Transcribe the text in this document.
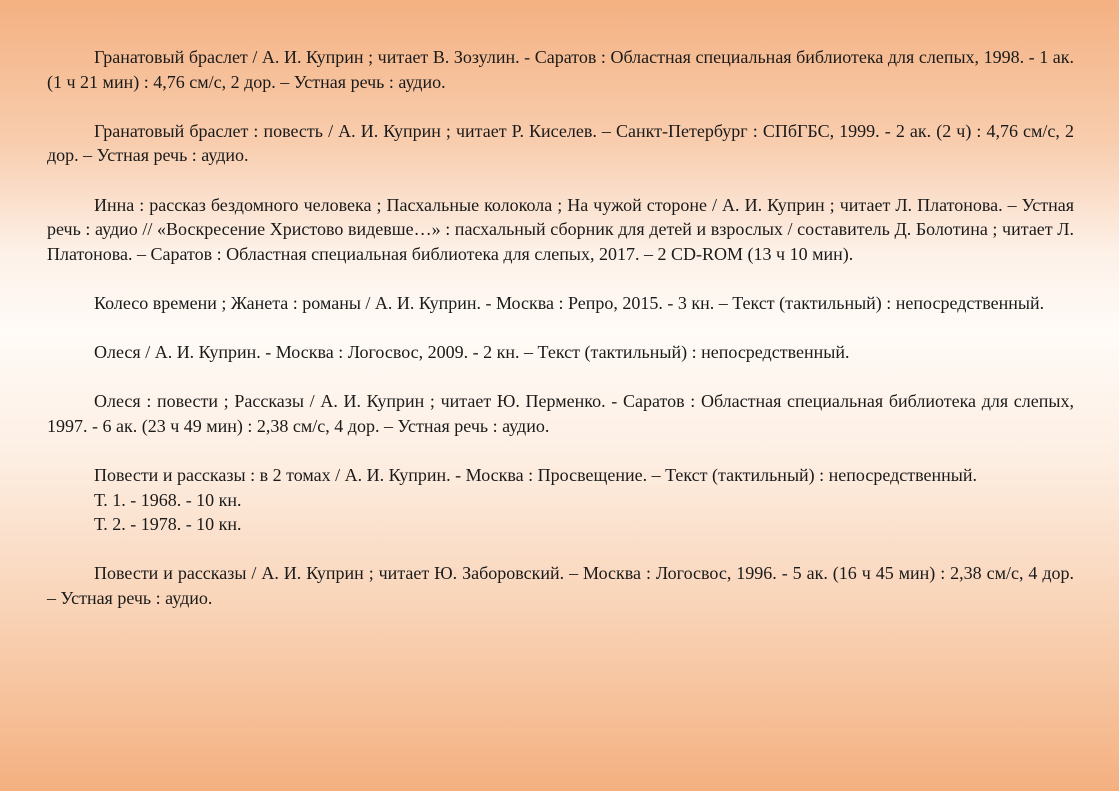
Гранатовый браслет / А. И. Куприн ; читает В. Зозулин. - Саратов : Областная специальная библиотека для слепых, 1998. - 1 ак. (1 ч 21 мин) : 4,76 см/с, 2 дор. – Устная речь : аудио.

Гранатовый браслет : повесть / А. И. Куприн ; читает Р. Киселев. – Санкт-Петербург : СПбГБС, 1999. - 2 ак. (2 ч) : 4,76 см/с, 2 дор. – Устная речь : аудио.

Инна : рассказ бездомного человека ; Пасхальные колокола ; На чужой стороне / А. И. Куприн ; читает Л. Платонова. – Устная речь : аудио // «Воскресение Христово видевше…» : пасхальный сборник для детей и взрослых / составитель Д. Болотина ; читает Л. Платонова. – Саратов : Областная специальная библиотека для слепых, 2017. – 2 CD-ROM (13 ч 10 мин).

Колесо времени ; Жанета : романы / А. И. Куприн. - Москва : Репро, 2015. - 3 кн. – Текст (тактильный) : непосредственный.

Олеся / А. И. Куприн. - Москва : Логосвос, 2009. - 2 кн. – Текст (тактильный) : непосредственный.

Олеся : повести ; Рассказы / А. И. Куприн ; читает Ю. Перменко. - Саратов : Областная специальная библиотека для слепых, 1997. - 6 ак. (23 ч 49 мин) : 2,38 см/с, 4 дор. – Устная речь : аудио.

Повести и рассказы : в 2 томах / А. И. Куприн. - Москва : Просвещение. – Текст (тактильный) : непосредственный.

Т. 1. - 1968. - 10 кн.

Т. 2. - 1978. - 10 кн.

Повести и рассказы / А. И. Куприн ; читает Ю. Заборовский. – Москва : Логосвос, 1996. - 5 ак. (16 ч 45 мин) : 2,38 см/с, 4 дор. – Устная речь : аудио.
